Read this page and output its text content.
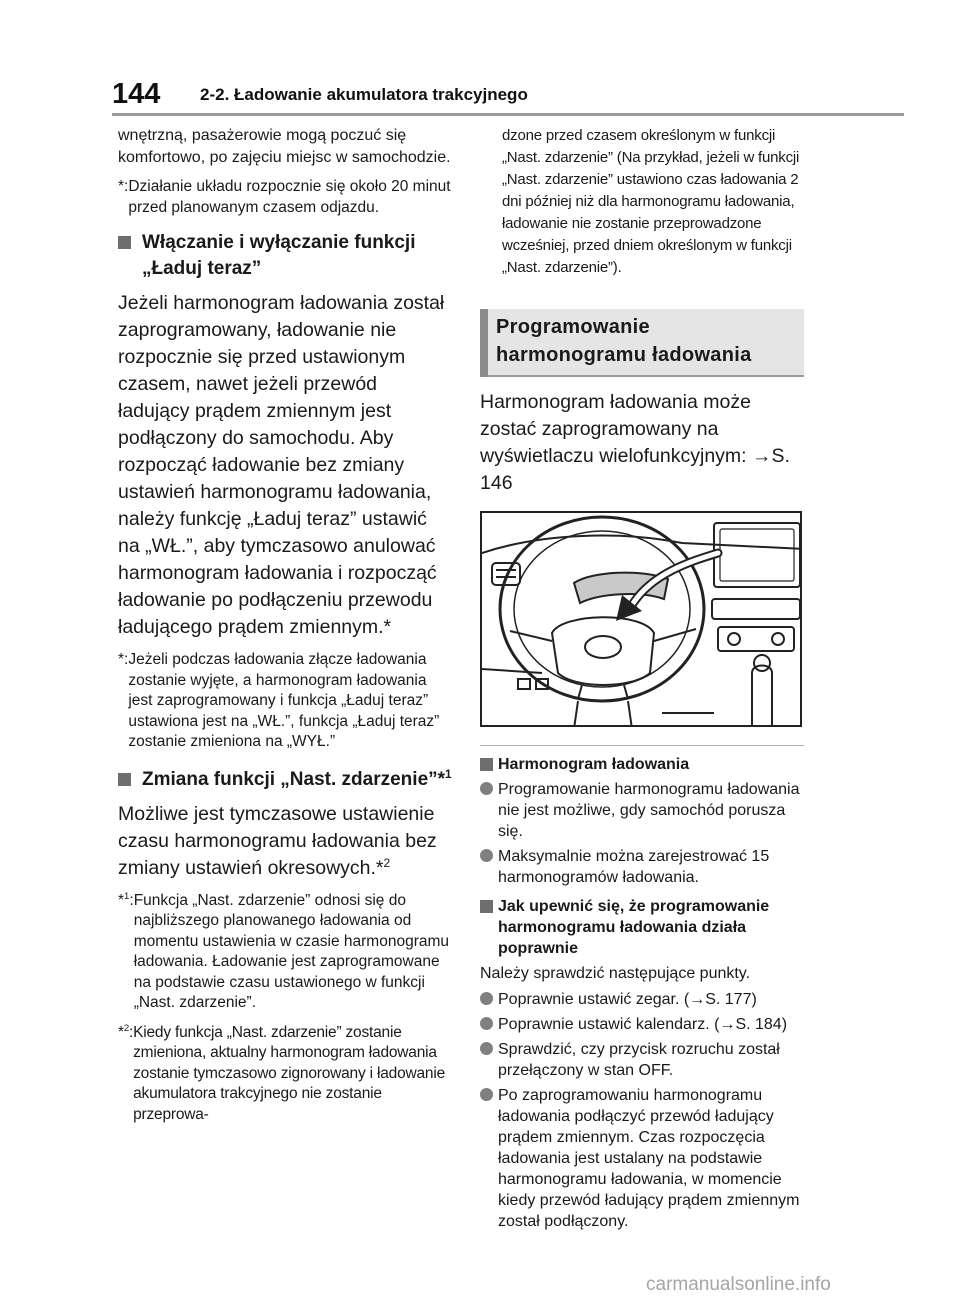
144 2-2. Ładowanie akumulatora trakcyjnego

wnętrzną, pasażerowie mogą poczuć się komfortowo, po zajęciu miejsc w samochodzie.

*: Działanie układu rozpocznie się około 20 minut przed planowanym czasem odjazdu.
Włączanie i wyłączanie funkcji „Ładuj teraz”

Jeżeli harmonogram ładowania został zaprogramowany, ładowanie nie rozpocznie się przed ustawionym czasem, nawet jeżeli przewód ładujący prądem zmiennym jest podłączony do samochodu. Aby rozpocząć ładowanie bez zmiany ustawień harmonogramu ładowania, należy funkcję „Ładuj teraz” ustawić na „WŁ.”, aby tymczasowo anulować harmonogram ładowania i rozpocząć ładowanie po podłączeniu przewodu ładującego prądem zmiennym.*

*: Jeżeli podczas ładowania złącze ładowania zostanie wyjęte, a harmonogram ładowania jest zaprogramowany i funkcja „Ładuj teraz” ustawiona jest na „WŁ.”, funkcja „Ładuj teraz” zostanie zmieniona na „WYŁ.”
Zmiana funkcji „Nast. zdarzenie”*$^1$

Możliwe jest tymczasowe ustawienie czasu harmonogramu ładowania bez zmiany ustawień okresowych.*$^2$

*$^1$: Funkcja „Nast. zdarzenie” odnosi się do najbliższego planowanego ładowania od momentu ustawienia w czasie harmonogramu ładowania. Ładowanie jest zaprogramowane na podstawie czasu ustawionego w funkcji „Nast. zdarzenie”.
*$^2$: Kiedy funkcja „Nast. zdarzenie” zostanie zmieniona, aktualny harmonogram ładowania zostanie tymczasowo zignorowany i ładowanie akumulatora trakcyjnego nie zostanie przeprowa-

dzone przed czasem określonym w funkcji „Nast. zdarzenie” (Na przykład, jeżeli w funkcji „Nast. zdarzenie” ustawiono czas ładowania 2 dni później niż dla harmonogramu ładowania, ładowanie nie zostanie przeprowadzone wcześniej, przed dniem określonym w funkcji „Nast. zdarzenie”).

Programowanie harmonogramu ładowania

Harmonogram ładowania może zostać zaprogramowany na wyświetlaczu wielofunkcyjnym: →S. 146

Harmonogram ładowania
Programowanie harmonogramu ładowania nie jest możliwe, gdy samochód porusza się.
Maksymalnie można zarejestrować 15 harmonogramów ładowania.
Jak upewnić się, że programowanie harmonogramu ładowania działa poprawnie

Należy sprawdzić następujące punkty.

Poprawnie ustawić zegar. (→S. 177)
Poprawnie ustawić kalendarz. (→S. 184)
Sprawdzić, czy przycisk rozruchu został przełączony w stan OFF.
Po zaprogramowaniu harmonogramu ładowania podłączyć przewód ładujący prądem zmiennym. Czas rozpoczęcia ładowania jest ustalany na podstawie harmonogramu ładowania, w momencie kiedy przewód ładujący prądem zmiennym został podłączony.
carmanualsonline.info
